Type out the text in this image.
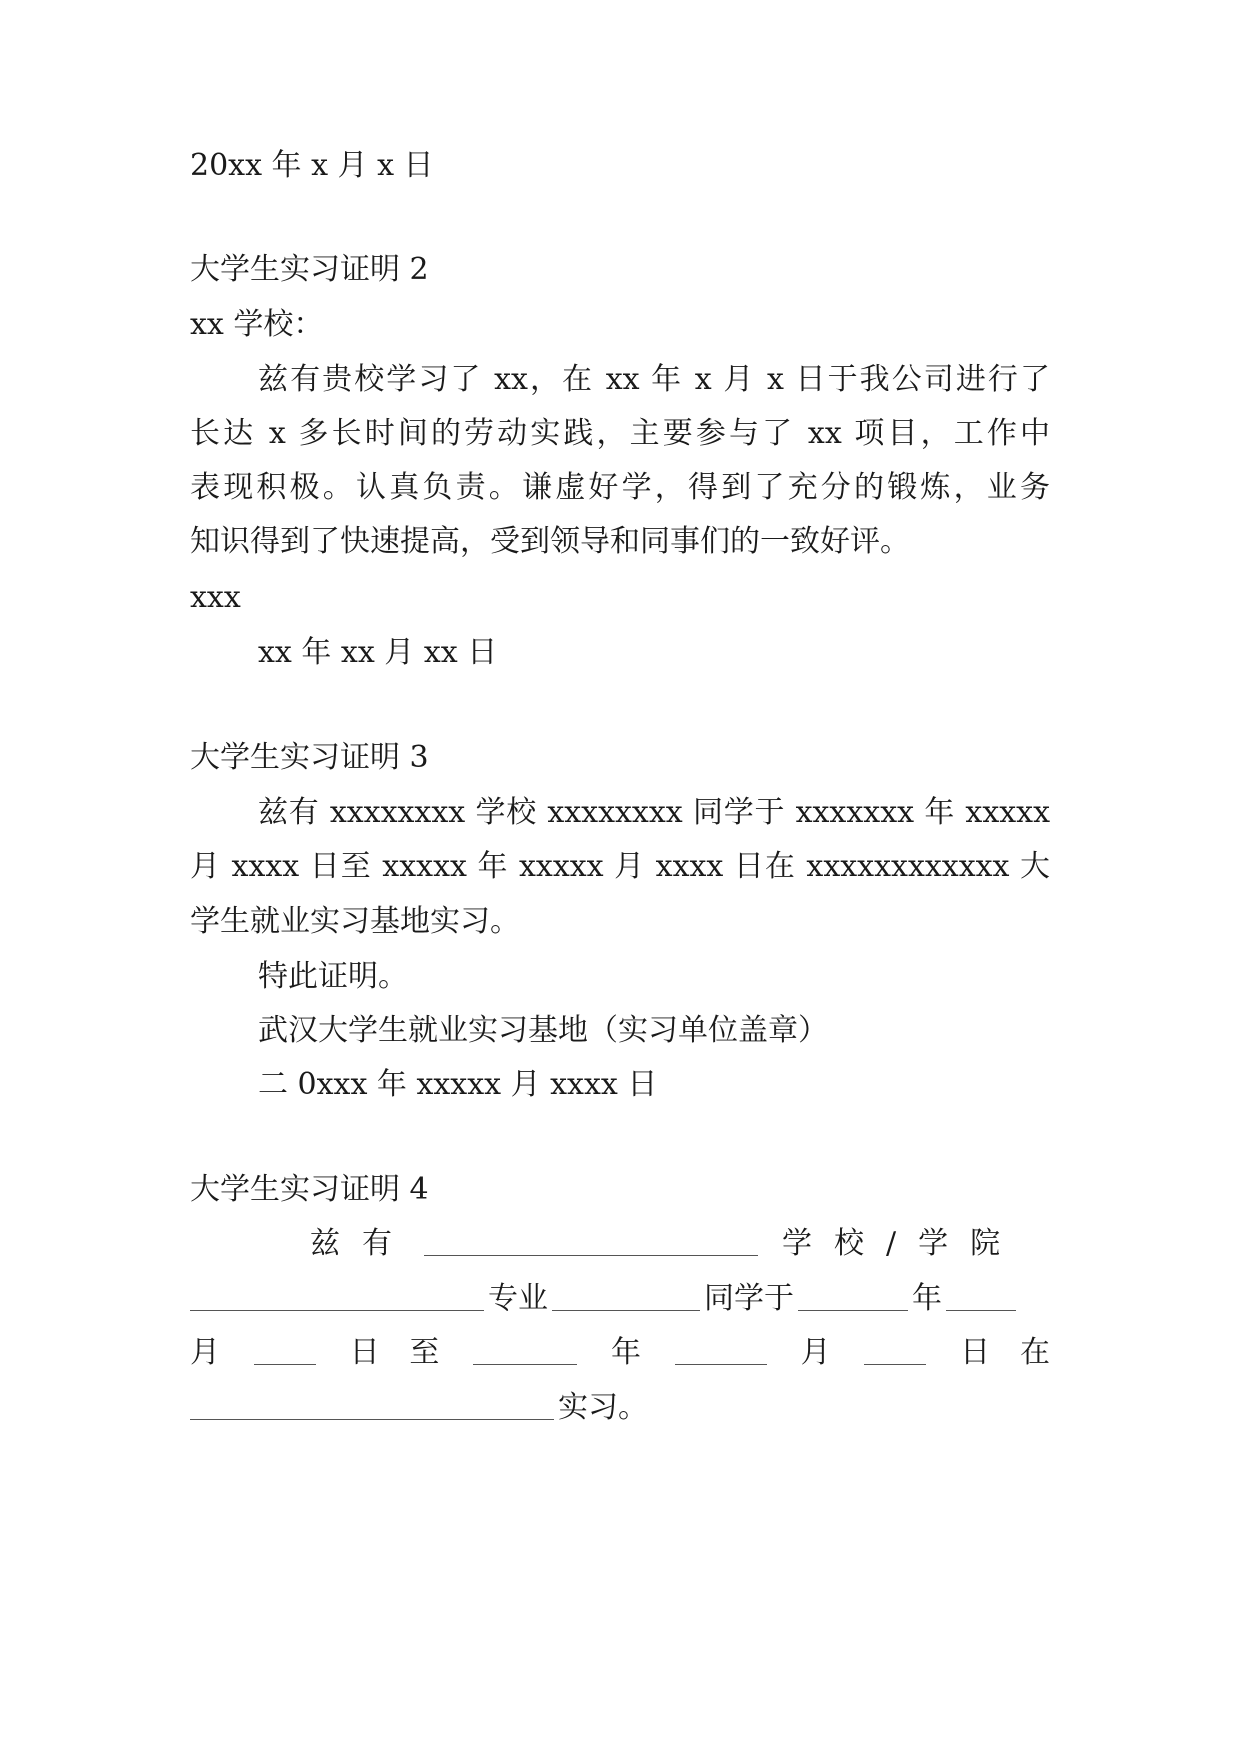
20xx 年 x 月 x 日
大学生实习证明 2
xx 学校：
兹有贵校学习了 xx，在 xx 年 x 月 x 日于我公司进行了
长达 x 多长时间的劳动实践，主要参与了 xx 项目，工作中
表现积极。认真负责。谦虚好学，得到了充分的锻炼，业务
知识得到了快速提高，受到领导和同事们的一致好评。
xxx
xx 年 xx 月 xx 日
大学生实习证明 3
兹有 xxxxxxxx 学校 xxxxxxxx 同学于 xxxxxxx 年 xxxxx
月 xxxx 日至 xxxxx 年 xxxxx 月 xxxx 日在 xxxxxxxxxxxx 大
学生就业实习基地实习。
特此证明。
武汉大学生就业实习基地（实习单位盖章）
二 0xxx 年 xxxxx 月 xxxx 日
大学生实习证明 4
兹 有	学 校 / 学 院
专业	同学于	年
月	日 至	年	月	日 在
实习。
